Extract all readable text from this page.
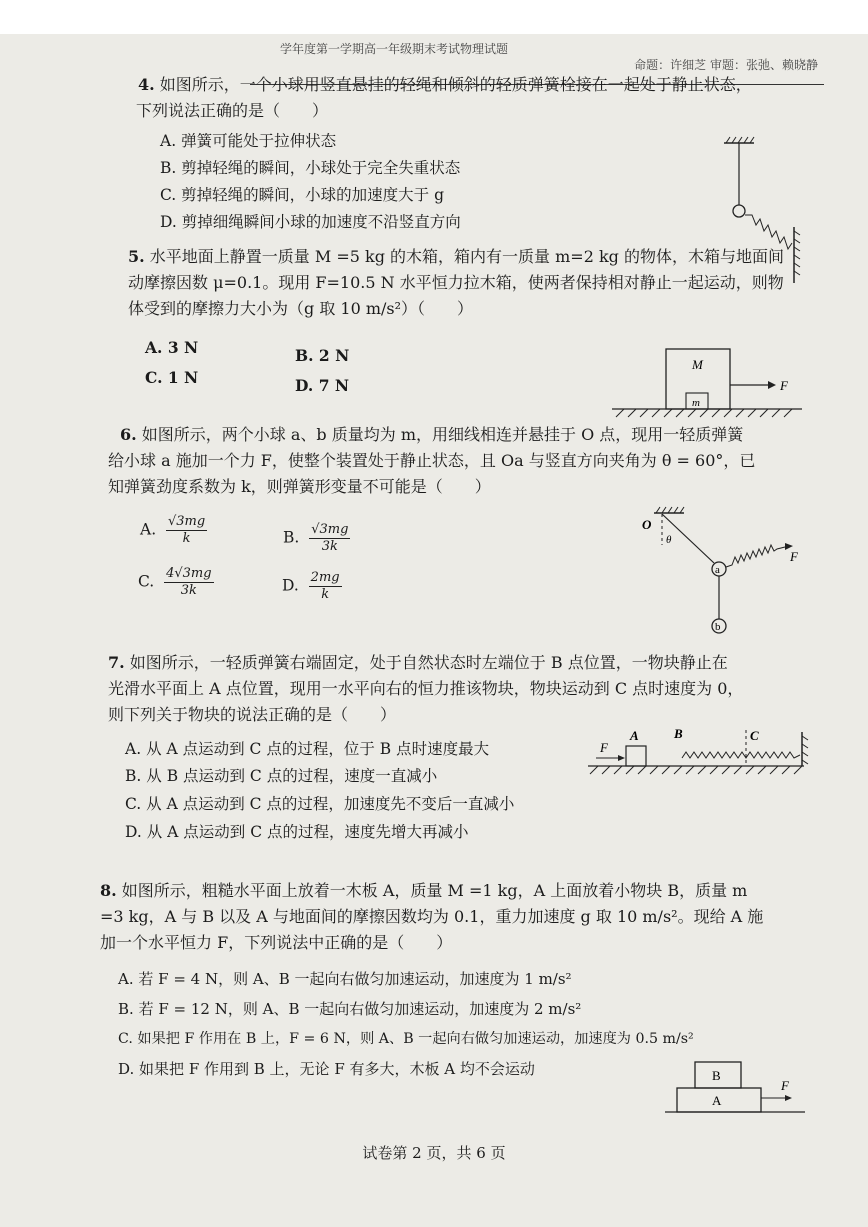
学年度第一学期高一年级期末考试物理试题
命题：许细芝 审题：张弛、赖晓静
4. 如图所示，一个小球用竖直悬挂的轻绳和倾斜的轻质弹簧栓接在一起处于静止状态，
下列说法正确的是（　　）
A. 弹簧可能处于拉伸状态
B. 剪掉轻绳的瞬间，小球处于完全失重状态
C. 剪掉轻绳的瞬间，小球的加速度大于 g
D. 剪掉细绳瞬间小球的加速度不沿竖直方向
5. 水平地面上静置一质量 M =5 kg 的木箱，箱内有一质量 m=2 kg 的物体，木箱与地面间
动摩擦因数 μ=0.1。现用 F=10.5 N 水平恒力拉木箱，使两者保持相对静止一起运动，则物
体受到的摩擦力大小为（g 取 10 m/s²）（　　）
A. 3 N	B. 2 N
C. 1 N	D. 7 N
M
m
F
6. 如图所示，两个小球 a、b 质量均为 m，用细线相连并悬挂于 O 点，现用一轻质弹簧
给小球 a 施加一个力 F，使整个装置处于静止状态，且 Oa 与竖直方向夹角为 θ = 60°，已
知弹簧劲度系数为 k，则弹簧形变量不可能是（　　）
A. $\frac{√3mg}{k}$	B. $\frac{√3mg}{3k}$
C. $\frac{4√3mg}{3k}$	D. $\frac{2mg}{k}$
O
θ
a
F
b
7. 如图所示，一轻质弹簧右端固定，处于自然状态时左端位于 B 点位置，一物块静止在
光滑水平面上 A 点位置，现用一水平向右的恒力推该物块，物块运动到 C 点时速度为 0，
则下列关于物块的说法正确的是（　　）
A. 从 A 点运动到 C 点的过程，位于 B 点时速度最大
B. 从 B 点运动到 C 点的过程，速度一直减小
C. 从 A 点运动到 C 点的过程，加速度先不变后一直减小
D. 从 A 点运动到 C 点的过程，速度先增大再减小
F
A	B	C
8. 如图所示，粗糙水平面上放着一木板 A，质量 M =1 kg，A 上面放着小物块 B，质量 m
=3 kg，A 与 B 以及 A 与地面间的摩擦因数均为 0.1，重力加速度 g 取 10 m/s²。现给 A 施
加一个水平恒力 F，下列说法中正确的是（　　）
A. 若 F = 4 N，则 A、B 一起向右做匀加速运动，加速度为 1 m/s²
B. 若 F = 12 N，则 A、B 一起向右做匀加速运动，加速度为 2 m/s²
C. 如果把 F 作用在 B 上，F = 6 N，则 A、B 一起向右做匀加速运动，加速度为 0.5 m/s²
D. 如果把 F 作用到 B 上，无论 F 有多大，木板 A 均不会运动	B
A
F
试卷第 2 页，共 6 页
